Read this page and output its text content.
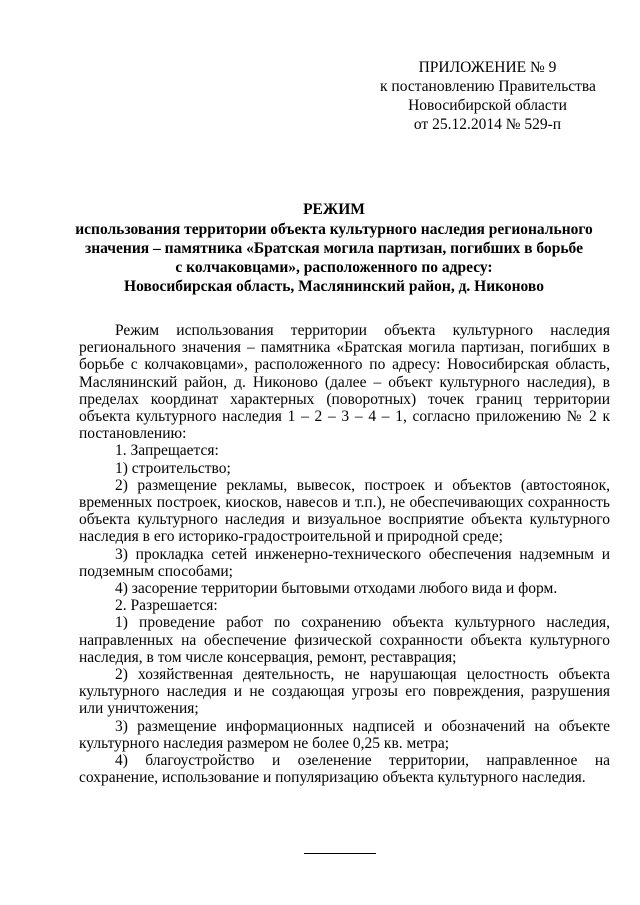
ПРИЛОЖЕНИЕ № 9
к постановлению Правительства
Новосибирской области
от 25.12.2014 № 529-п
РЕЖИМ
использования территории объекта культурного наследия регионального
значения – памятника «Братская могила партизан, погибших в борьбе
с колчаковцами», расположенного по адресу:
Новосибирская область, Маслянинский район, д. Никоново

Режим использования территории объекта культурного наследия регионального значения – памятника «Братская могила партизан, погибших в борьбе с колчаковцами», расположенного по адресу: Новосибирская область, Маслянинский район, д. Никоново (далее – объект культурного наследия), в пределах координат характерных (поворотных) точек границ территории объекта культурного наследия 1 – 2 – 3 – 4 – 1, согласно приложению № 2 к постановлению:

1. Запрещается:

1) строительство;

2) размещение рекламы, вывесок, построек и объектов (автостоянок, временных построек, киосков, навесов и т.п.), не обеспечивающих сохранность объекта культурного наследия и визуальное восприятие объекта культурного наследия в его историко-градостроительной и природной среде;

3) прокладка сетей инженерно-технического обеспечения надземным и подземным способами;

4) засорение территории бытовыми отходами любого вида и форм.

2. Разрешается:

1) проведение работ по сохранению объекта культурного наследия, направленных на обеспечение физической сохранности объекта культурного наследия, в том числе консервация, ремонт, реставрация;

2) хозяйственная деятельность, не нарушающая целостность объекта культурного наследия и не создающая угрозы его повреждения, разрушения или уничтожения;

3) размещение информационных надписей и обозначений на объекте культурного наследия размером не более 0,25 кв. метра;

4) благоустройство и озеленение территории, направленное на сохранение, использование и популяризацию объекта культурного наследия.
